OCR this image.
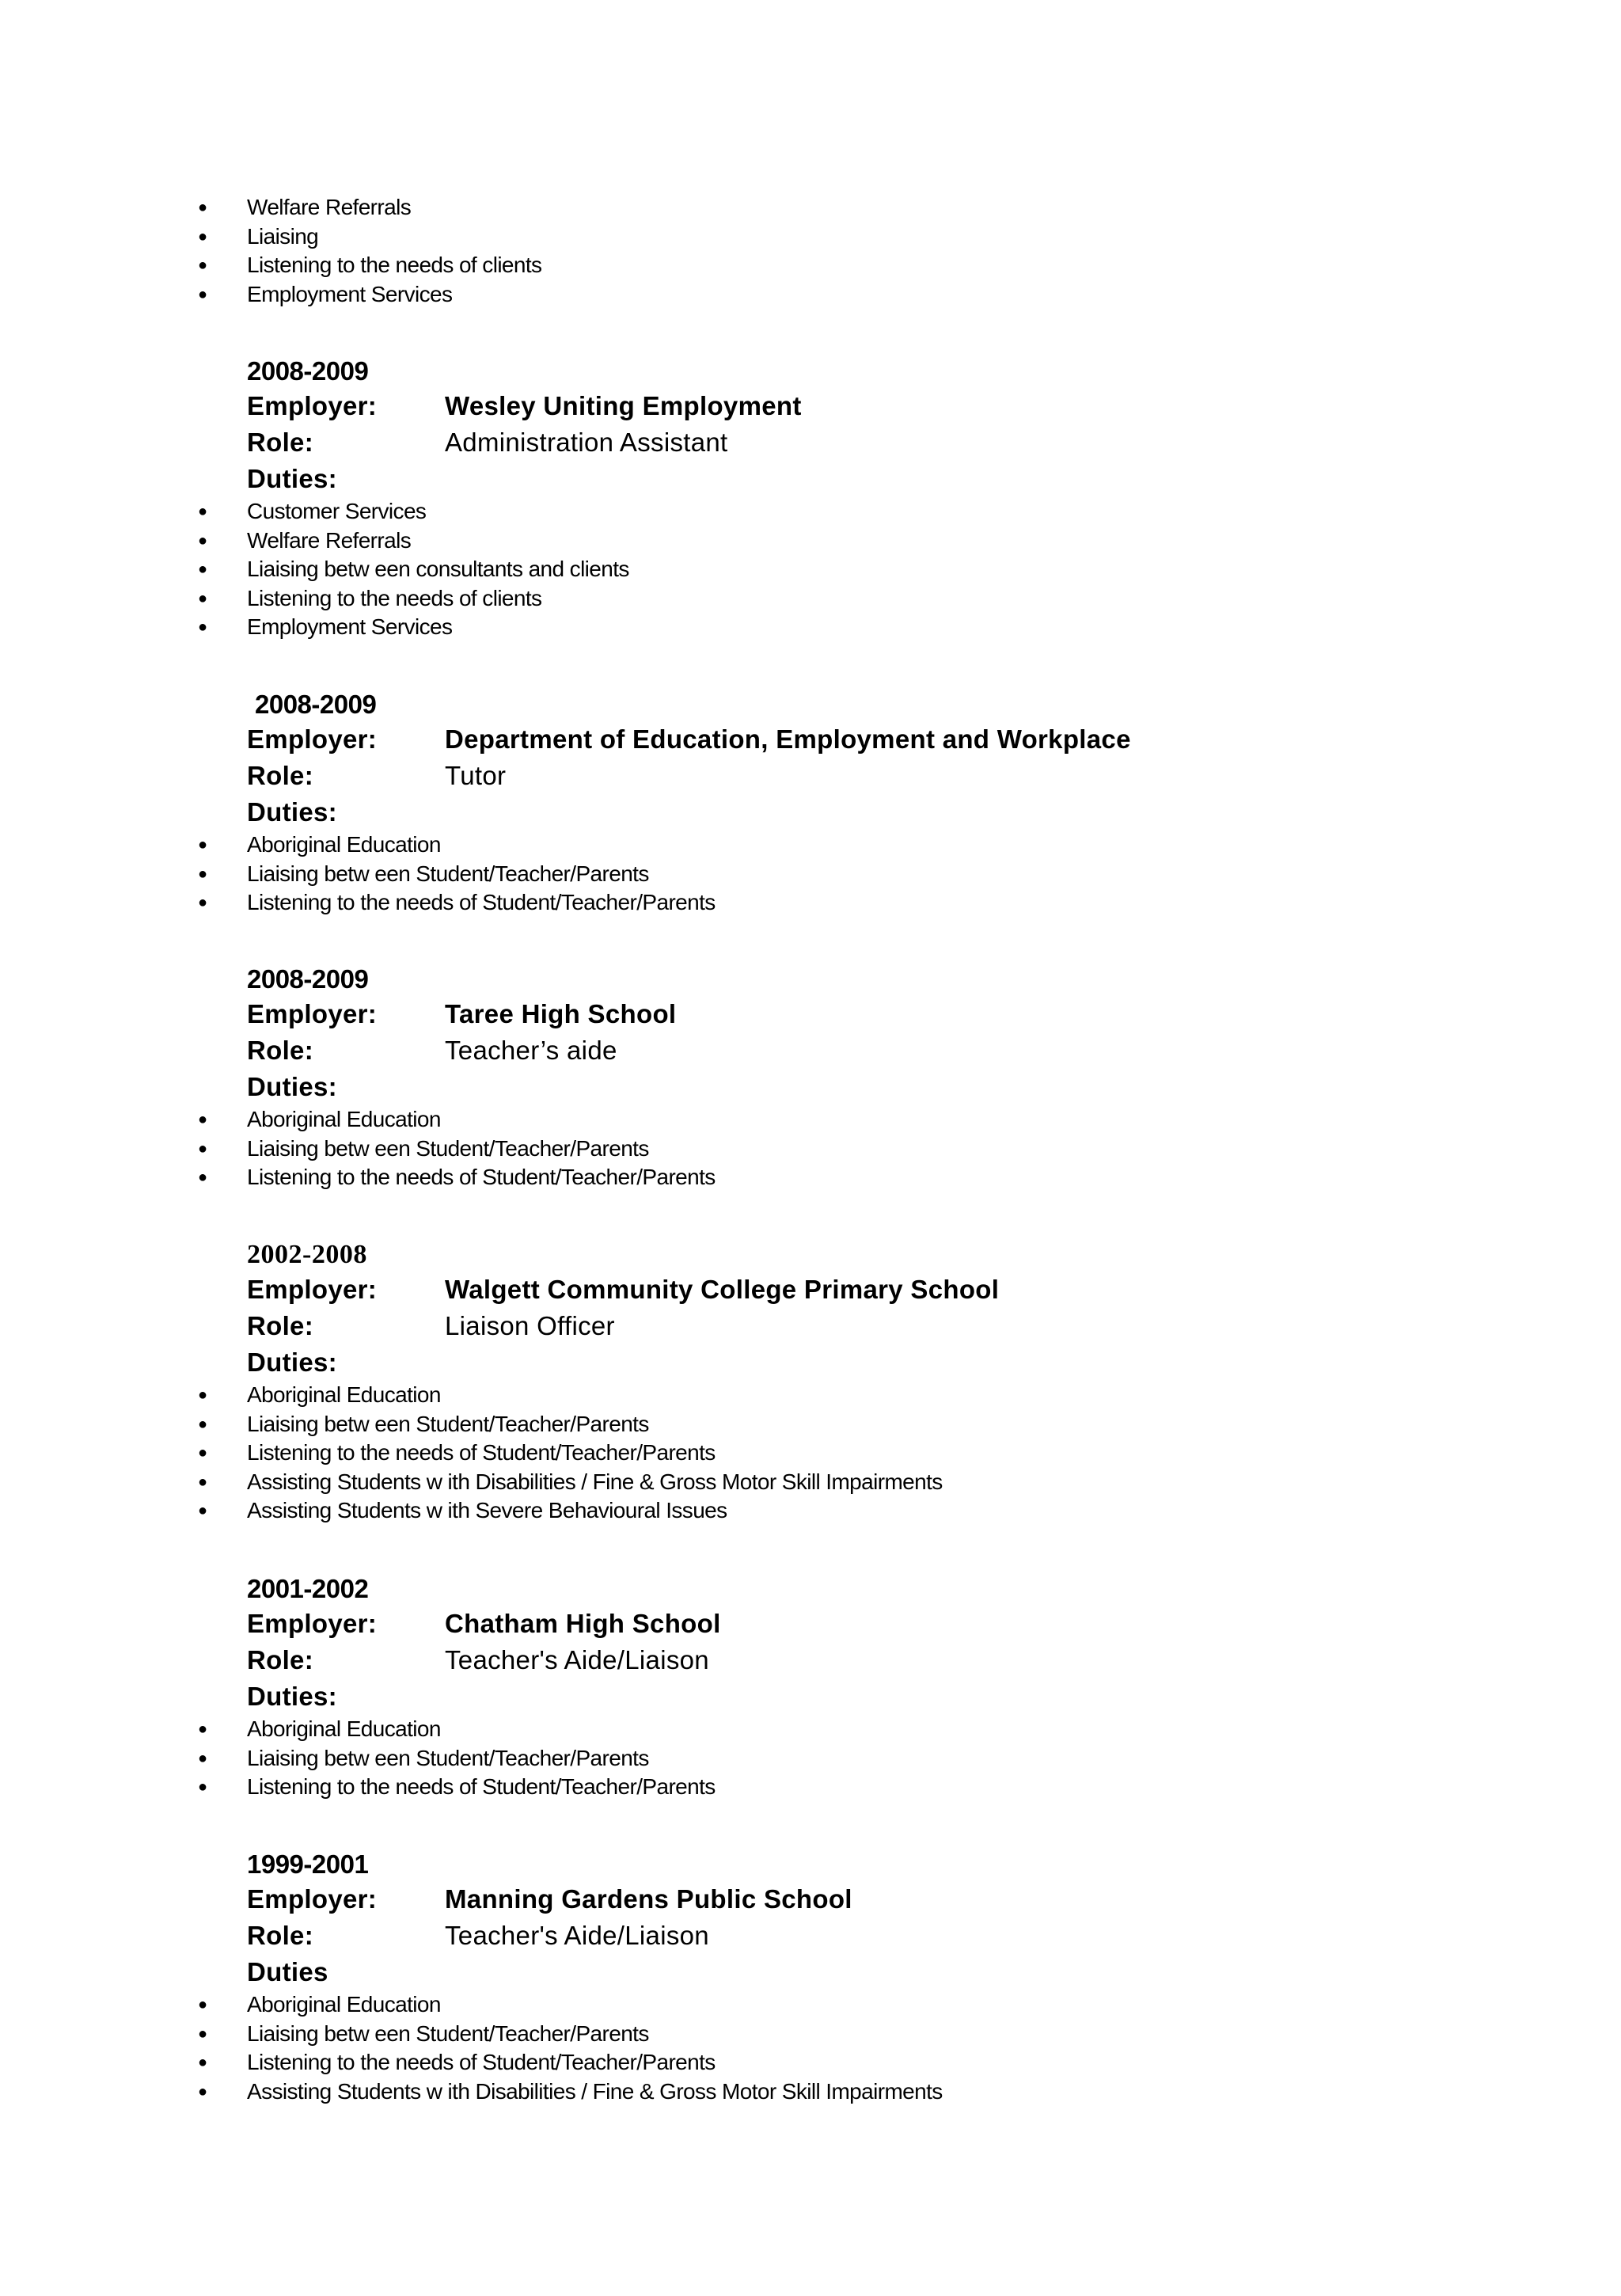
● Welfare Referrals
● Liaising
● Listening to the needs of clients
● Employment Services
2008-2009
Employer:	Wesley Uniting Employment
Role:	Administration Assistant
Duties:
● Customer Services
● Welfare Referrals
● Liaising betw een consultants and clients
● Listening to the needs of clients
● Employment Services
2008-2009
Employer:	Department of Education, Employment and Workplace
Role:	Tutor
Duties:
● Aboriginal Education
● Liaising betw een Student/Teacher/Parents
● Listening to the needs of Student/Teacher/Parents
2008-2009
Employer:	Taree High School
Role:	Teacher’s aide
Duties:
● Aboriginal Education
● Liaising betw een Student/Teacher/Parents
● Listening to the needs of Student/Teacher/Parents
2002-2008
Employer:	Walgett Community College Primary School
Role:	Liaison Officer
Duties:
● Aboriginal Education
● Liaising betw een Student/Teacher/Parents
● Listening to the needs of Student/Teacher/Parents
● Assisting Students w ith Disabilities / Fine & Gross Motor Skill Impairments
● Assisting Students w ith Severe Behavioural Issues
2001-2002
Employer:	Chatham High School
Role:	Teacher's Aide/Liaison
Duties:
● Aboriginal Education
● Liaising betw een Student/Teacher/Parents
● Listening to the needs of Student/Teacher/Parents
1999-2001
Employer:	Manning Gardens Public School
Role:	Teacher's Aide/Liaison
Duties
● Aboriginal Education
● Liaising betw een Student/Teacher/Parents
● Listening to the needs of Student/Teacher/Parents
● Assisting Students w ith Disabilities / Fine & Gross Motor Skill Impairments
